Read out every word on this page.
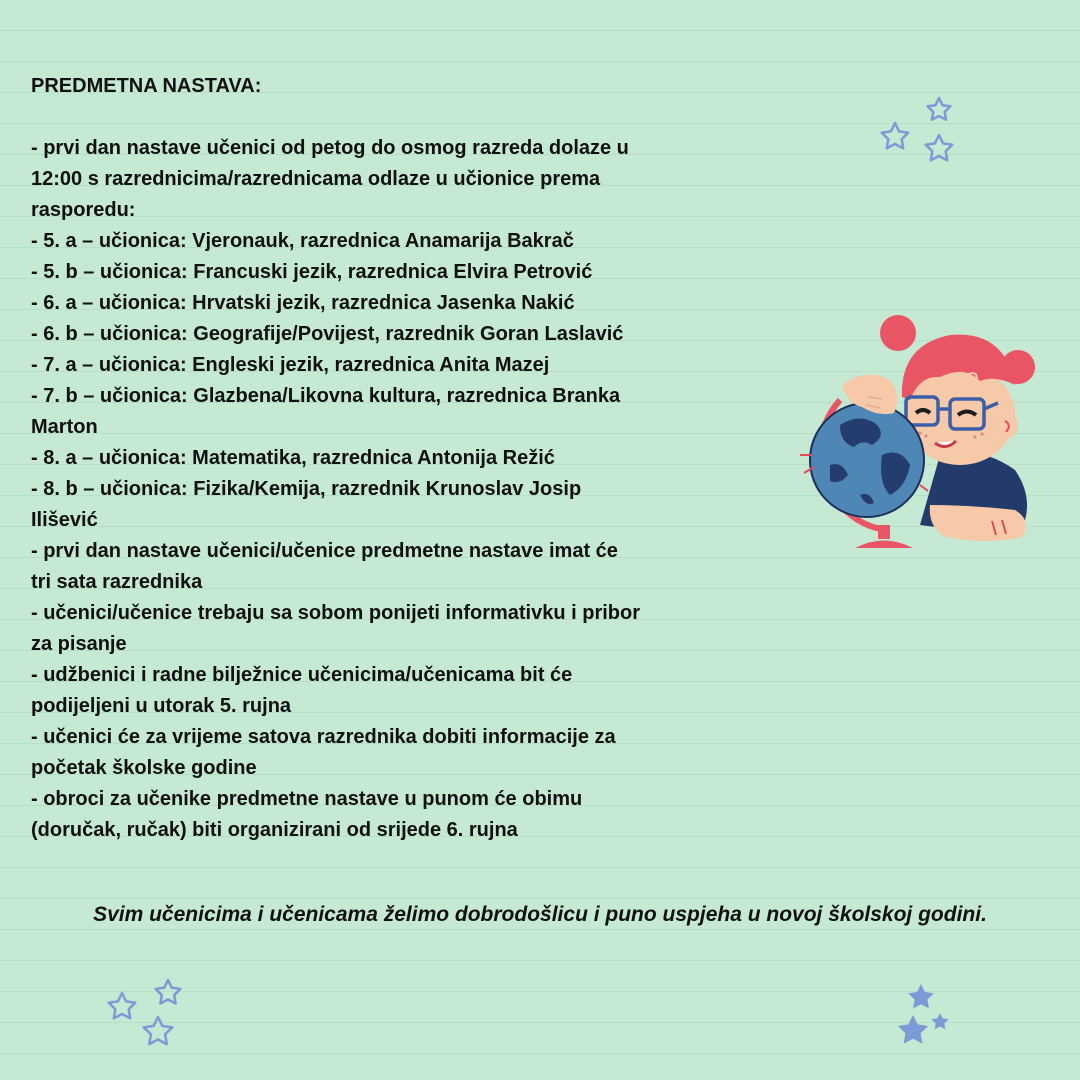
PREDMETNA NASTAVA:

- prvi dan nastave učenici od petog do osmog razreda dolaze u
12:00 s razrednicima/razrednicama odlaze u učionice prema
rasporedu:
- 5. a – učionica: Vjeronauk, razrednica Anamarija Bakrač
- 5. b – učionica: Francuski jezik, razrednica Elvira Petrović
- 6. a – učionica: Hrvatski jezik, razrednica Jasenka Nakić
- 6. b – učionica: Geografije/Povijest, razrednik Goran Laslavić
- 7. a – učionica: Engleski jezik, razrednica Anita Mazej
- 7. b – učionica: Glazbena/Likovna kultura, razrednica Branka
Marton
- 8. a – učionica: Matematika, razrednica Antonija Režić
- 8. b – učionica: Fizika/Kemija, razrednik Krunoslav Josip
Ilišević
- prvi dan nastave učenici/učenice predmetne nastave imat će
tri sata razrednika
- učenici/učenice trebaju sa sobom ponijeti informativku i pribor
za pisanje
- udžbenici i radne bilježnice učenicima/učenicama bit će
podijeljeni u utorak 5. rujna
- učenici će za vrijeme satova razrednika dobiti informacije za
početak školske godine
- obroci za učenike predmetne nastave u punom će obimu
(doručak, ručak) biti organizirani od srijede 6. rujna

Svim učenicima i učenicama želimo dobrodošlicu i puno uspjeha u novoj školskoj godini.
